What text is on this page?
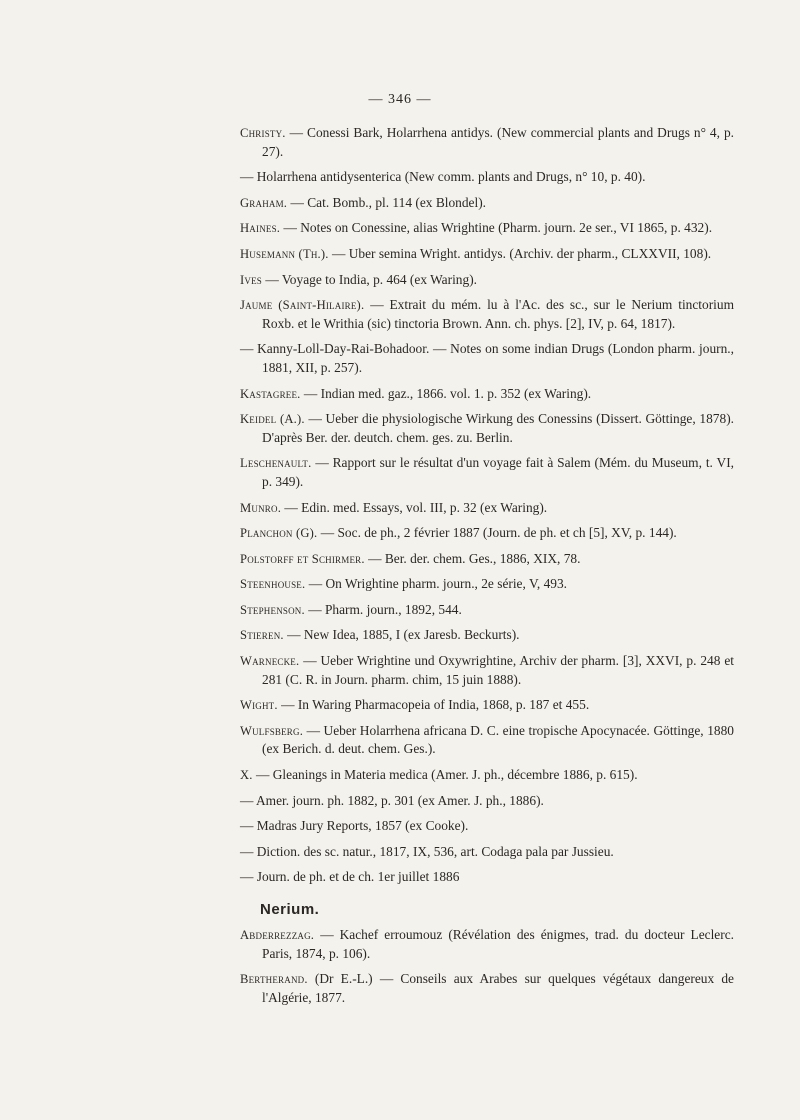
— 346 —
Christy. — Conessi Bark, Holarrhena antidys. (New commercial plants and Drugs n° 4, p. 27).
— Holarrhena antidysenterica (New comm. plants and Drugs, n° 10, p. 40).
Graham. — Cat. Bomb., pl. 114 (ex Blondel).
Haines. — Notes on Conessine, alias Wrightine (Pharm. journ. 2e ser., VI 1865, p. 432).
Husemann (Th.). — Uber semina Wright. antidys. (Archiv. der pharm., CLXXVII, 108).
Ives — Voyage to India, p. 464 (ex Waring).
Jaume (Saint-Hilaire). — Extrait du mém. lu à l'Ac. des sc., sur le Nerium tinctorium Roxb. et le Writhia (sic) tinctoria Brown. Ann. ch. phys. [2], IV, p. 64, 1817).
— Kanny-Loll-Day-Rai-Bohadoor. — Notes on some indian Drugs (London pharm. journ., 1881, XII, p. 257).
Kastagree. — Indian med. gaz., 1866. vol. 1. p. 352 (ex Waring).
Keidel (A.). — Ueber die physiologische Wirkung des Conessins (Dissert. Göttinge, 1878). D'après Ber. der. deutch. chem. ges. zu. Berlin.
Leschenault. — Rapport sur le résultat d'un voyage fait à Salem (Mém. du Museum, t. VI, p. 349).
Munro. — Edin. med. Essays, vol. III, p. 32 (ex Waring).
Planchon (G). — Soc. de ph., 2 février 1887 (Journ. de ph. et ch [5], XV, p. 144).
Polstorff et Schirmer. — Ber. der. chem. Ges., 1886, XIX, 78.
Steenhouse. — On Wrightine pharm. journ., 2e série, V, 493.
Stephenson. — Pharm. journ., 1892, 544.
Stieren. — New Idea, 1885, I (ex Jaresb. Beckurts).
Warnecke. — Ueber Wrightine und Oxywrightine, Archiv der pharm. [3], XXVI, p. 248 et 281 (C. R. in Journ. pharm. chim, 15 juin 1888).
Wight. — In Waring Pharmacopeia of India, 1868, p. 187 et 455.
Wulfsberg. — Ueber Holarrhena africana D. C. eine tropische Apocynacée. Göttinge, 1880 (ex Berich. d. deut. chem. Ges.).
X. — Gleanings in Materia medica (Amer. J. ph., décembre 1886, p. 615).
— Amer. journ. ph. 1882, p. 301 (ex Amer. J. ph., 1886).
— Madras Jury Reports, 1857 (ex Cooke).
— Diction. des sc. natur., 1817, IX, 536, art. Codaga pala par Jussieu.
— Journ. de ph. et de ch. 1er juillet 1886
Nerium.
Abderrezzag. — Kachef erroumouz (Révélation des énigmes, trad. du docteur Leclerc. Paris, 1874, p. 106).
Bertherand. (Dr E.-L.) — Conseils aux Arabes sur quelques végétaux dangereux de l'Algérie, 1877.
